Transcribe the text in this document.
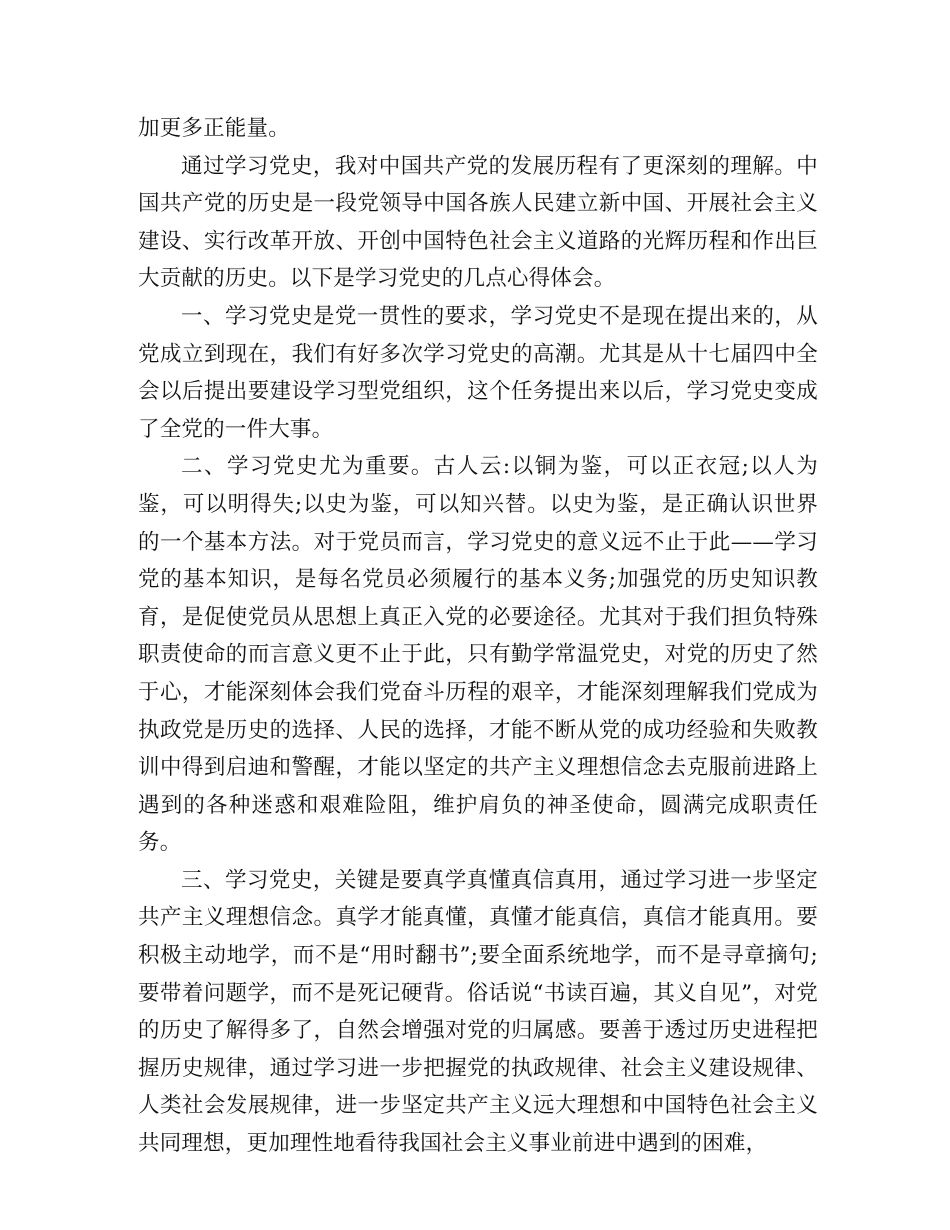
加更多正能量。

通过学习党史，我对中国共产党的发展历程有了更深刻的理解。中国共产党的历史是一段党领导中国各族人民建立新中国、开展社会主义建设、实行改革开放、开创中国特色社会主义道路的光辉历程和作出巨大贡献的历史。以下是学习党史的几点心得体会。

一、学习党史是党一贯性的要求，学习党史不是现在提出来的，从党成立到现在，我们有好多次学习党史的高潮。尤其是从十七届四中全会以后提出要建设学习型党组织，这个任务提出来以后，学习党史变成了全党的一件大事。

二、学习党史尤为重要。古人云:以铜为鉴，可以正衣冠;以人为鉴，可以明得失;以史为鉴，可以知兴替。以史为鉴，是正确认识世界的一个基本方法。对于党员而言，学习党史的意义远不止于此——学习党的基本知识，是每名党员必须履行的基本义务;加强党的历史知识教育，是促使党员从思想上真正入党的必要途径。尤其对于我们担负特殊职责使命的而言意义更不止于此，只有勤学常温党史，对党的历史了然于心，才能深刻体会我们党奋斗历程的艰辛，才能深刻理解我们党成为执政党是历史的选择、人民的选择，才能不断从党的成功经验和失败教训中得到启迪和警醒，才能以坚定的共产主义理想信念去克服前进路上遇到的各种迷惑和艰难险阻，维护肩负的神圣使命，圆满完成职责任务。

三、学习党史，关键是要真学真懂真信真用，通过学习进一步坚定共产主义理想信念。真学才能真懂，真懂才能真信，真信才能真用。要积极主动地学，而不是“用时翻书”;要全面系统地学，而不是寻章摘句;要带着问题学，而不是死记硬背。俗话说“书读百遍，其义自见”，对党的历史了解得多了，自然会增强对党的归属感。要善于透过历史进程把握历史规律，通过学习进一步把握党的执政规律、社会主义建设规律、人类社会发展规律，进一步坚定共产主义远大理想和中国特色社会主义共同理想，更加理性地看待我国社会主义事业前进中遇到的困难，
